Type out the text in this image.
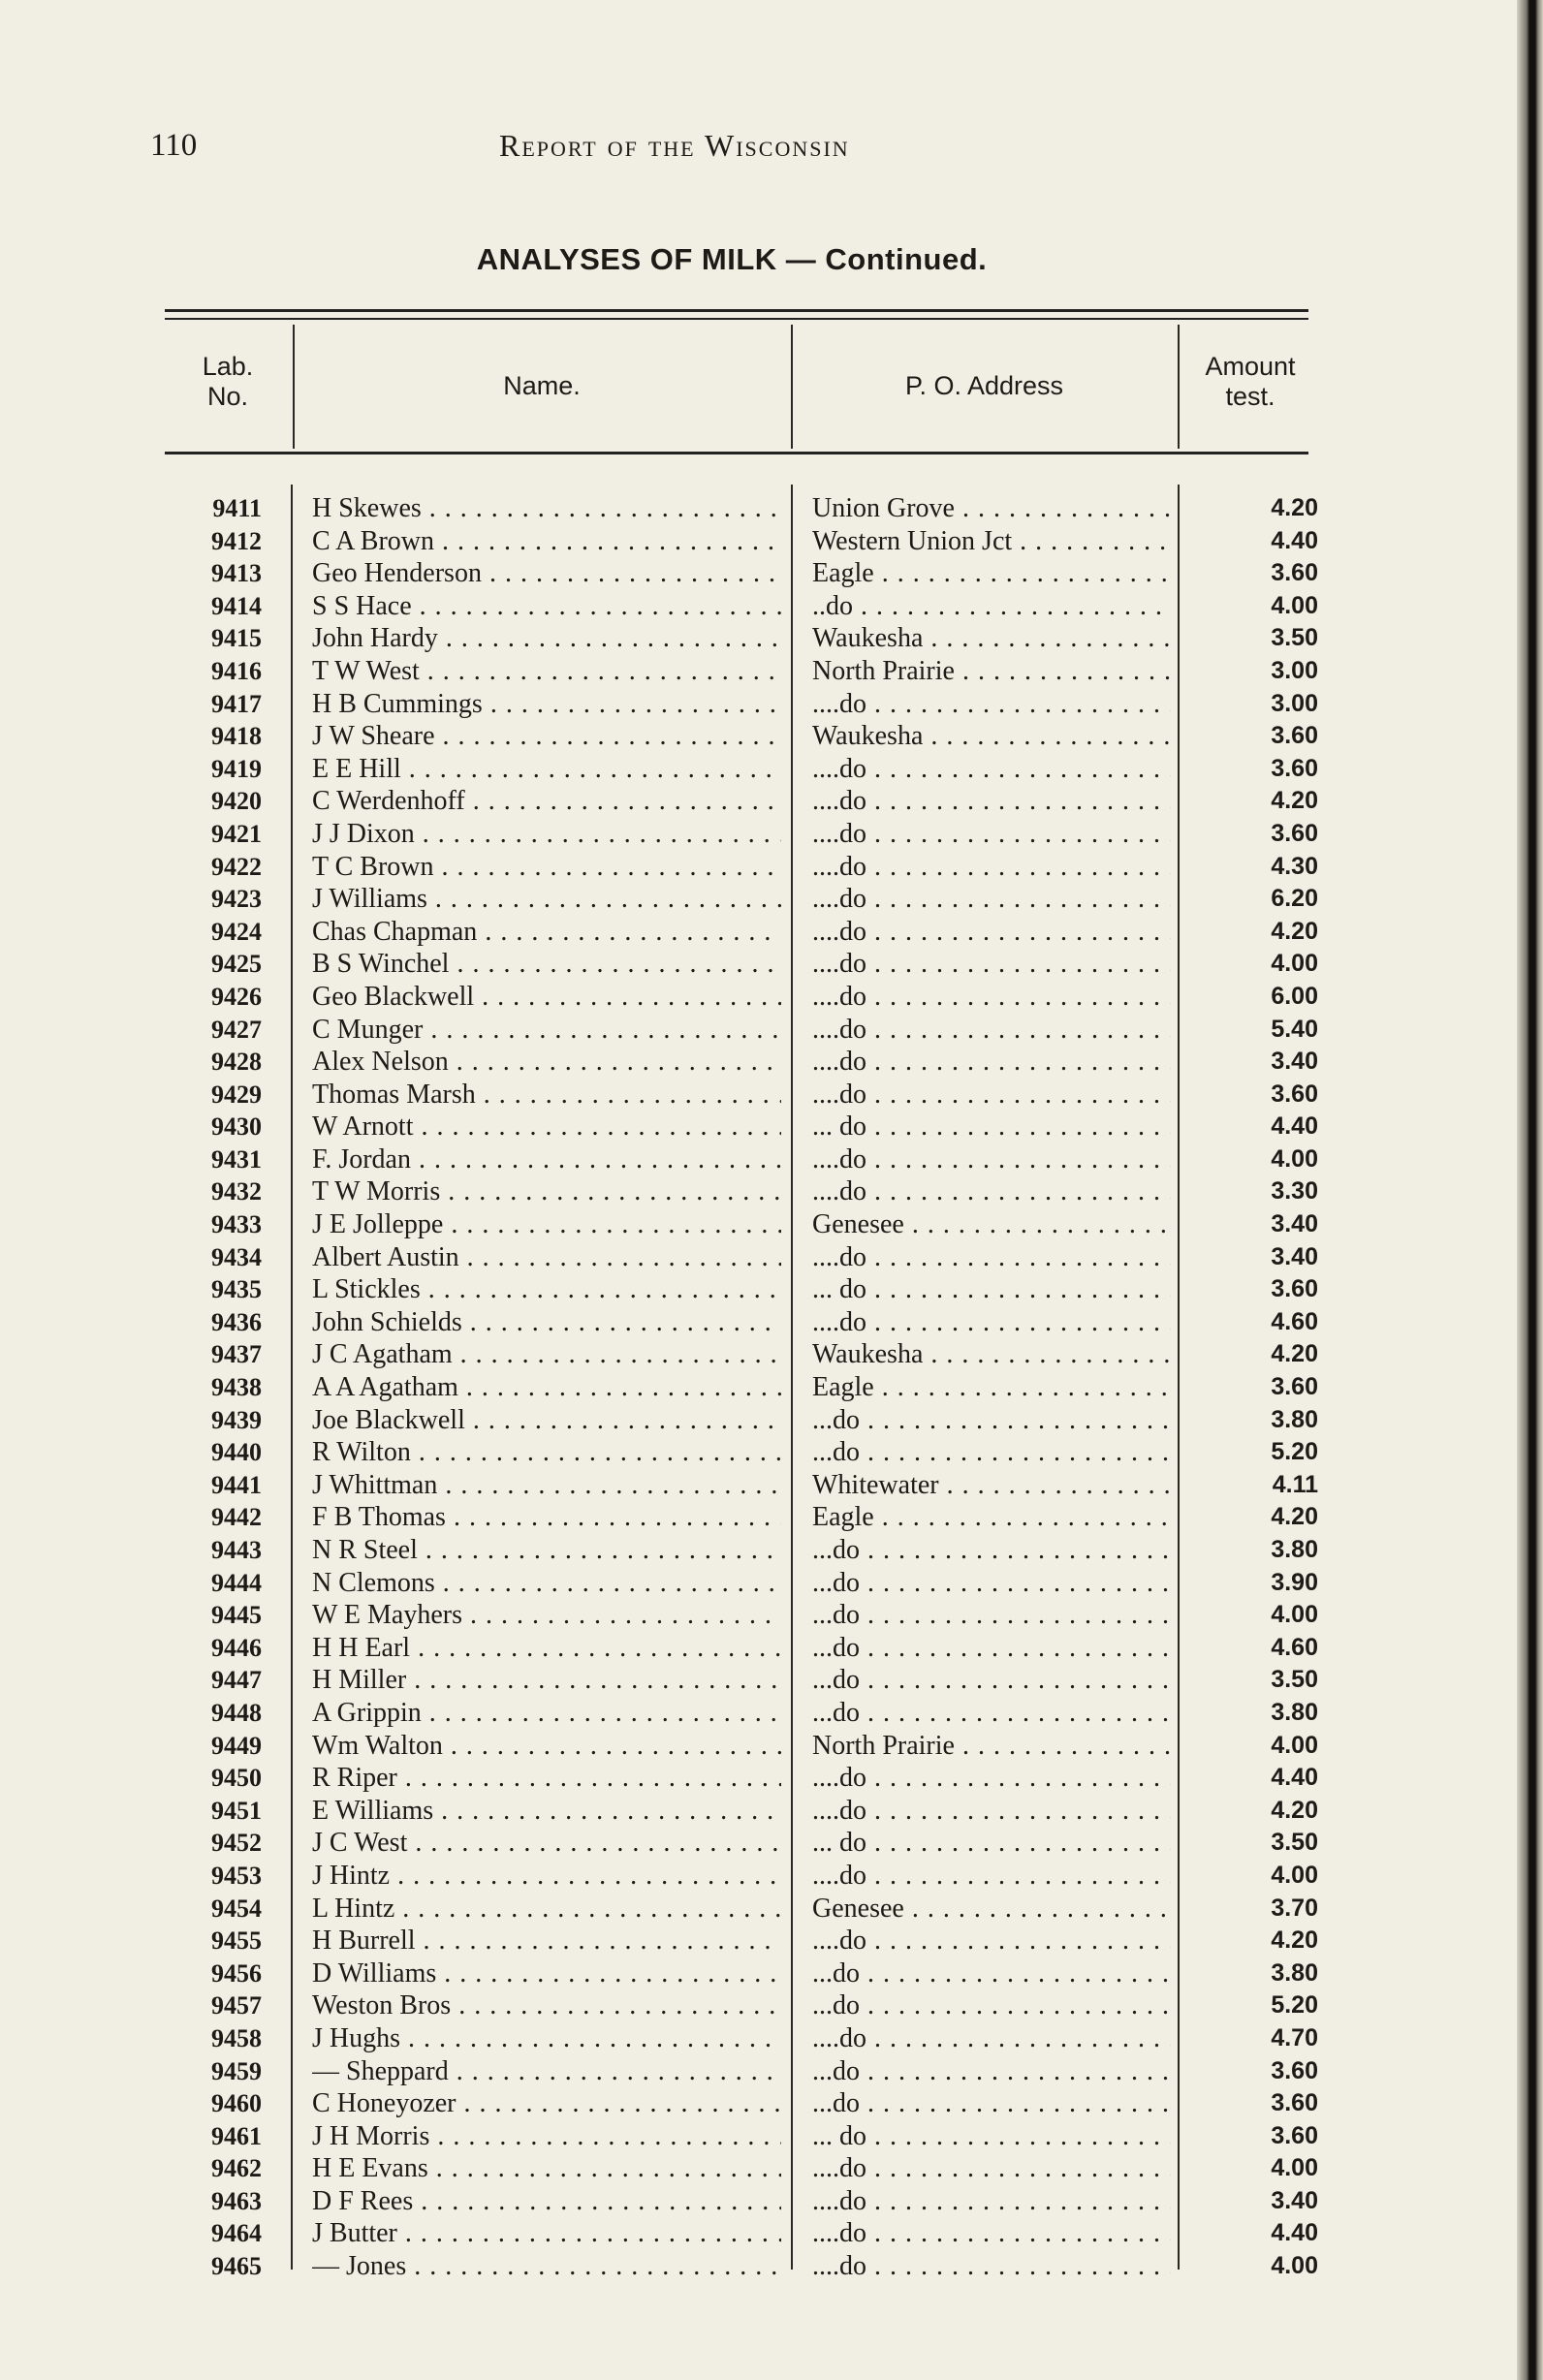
110	Report of the Wisconsin
ANALYSES OF MILK — Continued.
Lab.
No.	Name.	P. O. Address
Amount
test.
9411 H Skewes . . .	Union Grove . . .	4.20
9412 C A Brown . . .	Western Union Jct . . .	4.40
9413 Geo Henderson . . .	Eagle . . .	3.60
9414 S S Hace . . .	..do . . .	4.00
9415 John Hardy . . .	Waukesha . . .	3.50
9416 T W West . . .	North Prairie . . .	3.00
9417 H B Cummings . . .	....do . . .	3.00
9418 J W Sheare . . .	Waukesha . . .	3.60
9419 E E Hill . . .	....do . . .	3.60
9420 C Werdenhoff . . .	....do . . .	4.20
9421 J J Dixon . . .	....do . . .	3.60
9422 T C Brown . . .	....do . . .	4.30
9423 J Williams . . .	....do . . .	6.20
9424 Chas Chapman . . .	....do . . .	4.20
9425 B S Winchel . . .	....do . . .	4.00
9426 Geo Blackwell . . .	....do . . .	6.00
9427 C Munger . . .	....do . . .	5.40
9428 Alex Nelson . . .	....do . . .	3.40
9429 Thomas Marsh . . .	....do . . .	3.60
9430 W Arnott . . .	... do . . .	4.40
9431 F. Jordan . . .	....do . . .	4.00
9432 T W Morris . . .	....do . . .	3.30
9433 J E Jolleppe . . .	Genesee . . .	3.40
9434 Albert Austin . . .	....do . . .	3.40
9435 L Stickles . . .	... do . . .	3.60
9436 John Schields . . .	....do . . .	4.60
9437 J C Agatham . . .	Waukesha . . .	4.20
9438 A A Agatham . . .	Eagle . . .	3.60
9439 Joe Blackwell . . .	...do . . .	3.80
9440 R Wilton . . .	...do . . .	5.20
9441 J Whittman . . .	Whitewater . . .	4.11
9442 F B Thomas . . .	Eagle . . .	4.20
9443 N R Steel . . .	...do . . .	3.80
9444 N Clemons . . .	...do . . .	3.90
9445 W E Mayhers . . .	...do . . .	4.00
9446 H H Earl . . .	...do . . .	4.60
9447 H Miller . . .	...do . . .	3.50
9448 A Grippin . . .	...do . . .	3.80
9449 Wm Walton . . .	North Prairie . . .	4.00
9450 R Riper . . .	....do . . .	4.40
9451 E Williams . . .	....do . . .	4.20
9452 J C West . . .	... do . . .	3.50
9453 J Hintz . . .	....do . . .	4.00
9454 L Hintz . . .	Genesee . . .	3.70
9455 H Burrell . . .	....do . . .	4.20
9456 D Williams . . .	...do . . .	3.80
9457 Weston Bros . . .	...do . . .	5.20
9458 J Hughs . . .	....do . . .	4.70
9459 — Sheppard . . .	...do . . .	3.60
9460 C Honeyozer . . .	...do . . .	3.60
9461 J H Morris . . .	... do . . .	3.60
9462 H E Evans . . .	....do . . .	4.00
9463 D F Rees . . .	....do . . .	3.40
9464 J Butter . . .	....do . . .	4.40
9465 — Jones . . .	....do . . .	4.00
